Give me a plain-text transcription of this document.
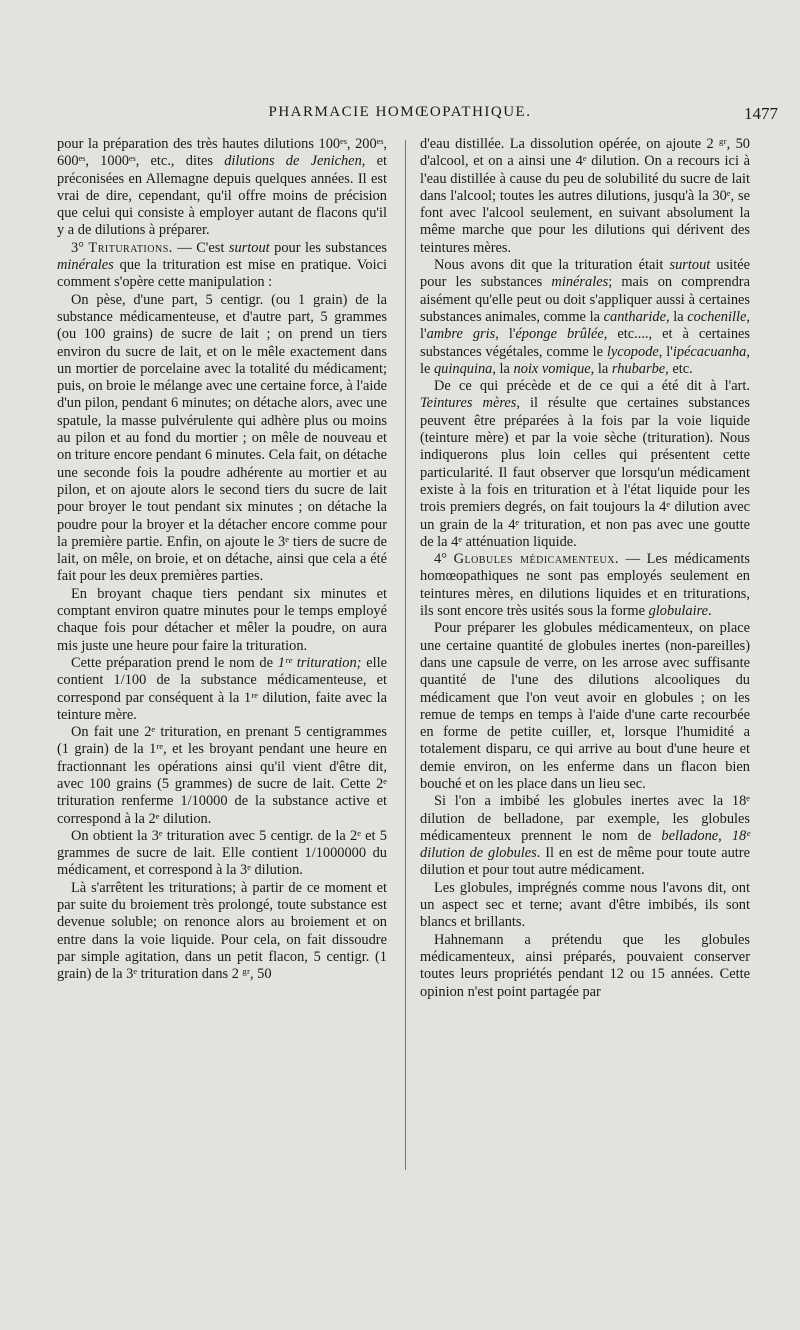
PHARMACIE HOMŒOPATHIQUE.	1477

pour la préparation des très hautes dilutions 100ᵉˢ, 200ᵉˢ, 600ᵉˢ, 1000ᵉˢ, etc., dites dilutions de Jenichen, et préconisées en Allemagne depuis quelques années. Il est vrai de dire, cependant, qu'il offre moins de précision que celui qui consiste à employer autant de flacons qu'il y a de dilutions à préparer.

3° Triturations. — C'est surtout pour les substances minérales que la trituration est mise en pratique. Voici comment s'opère cette manipulation :

On pèse, d'une part, 5 centigr. (ou 1 grain) de la substance médicamenteuse, et d'autre part, 5 grammes (ou 100 grains) de sucre de lait ; on prend un tiers environ du sucre de lait, et on le mêle exactement dans un mortier de porcelaine avec la totalité du médicament; puis, on broie le mélange avec une certaine force, à l'aide d'un pilon, pendant 6 minutes; on détache alors, avec une spatule, la masse pulvérulente qui adhère plus ou moins au pilon et au fond du mortier ; on mêle de nouveau et on triture encore pendant 6 minutes. Cela fait, on détache une seconde fois la poudre adhérente au mortier et au pilon, et on ajoute alors le second tiers du sucre de lait pour broyer le tout pendant six minutes ; on détache la poudre pour la broyer et la détacher encore comme pour la première partie. Enfin, on ajoute le 3ᵉ tiers de sucre de lait, on mêle, on broie, et on détache, ainsi que cela a été fait pour les deux premières parties.

En broyant chaque tiers pendant six minutes et comptant environ quatre minutes pour le temps employé chaque fois pour détacher et mêler la poudre, on aura mis juste une heure pour faire la trituration.

Cette préparation prend le nom de 1ʳᵉ trituration; elle contient 1/100 de la substance médicamenteuse, et correspond par conséquent à la 1ʳᵉ dilution, faite avec la teinture mère.

On fait une 2ᵉ trituration, en prenant 5 centigrammes (1 grain) de la 1ʳᵉ, et les broyant pendant une heure en fractionnant les opérations ainsi qu'il vient d'être dit, avec 100 grains (5 grammes) de sucre de lait. Cette 2ᵉ trituration renferme 1/10000 de la substance active et correspond à la 2ᵉ dilution.

On obtient la 3ᵉ trituration avec 5 centigr. de la 2ᵉ et 5 grammes de sucre de lait. Elle contient 1/1000000 du médicament, et correspond à la 3ᵉ dilution.

Là s'arrêtent les triturations; à partir de ce moment et par suite du broiement très prolongé, toute substance est devenue soluble; on renonce alors au broiement et on entre dans la voie liquide. Pour cela, on fait dissoudre par simple agitation, dans un petit flacon, 5 centigr. (1 grain) de la 3ᵉ trituration dans 2 ᵍʳ, 50

d'eau distillée. La dissolution opérée, on ajoute 2 ᵍʳ, 50 d'alcool, et on a ainsi une 4ᵉ dilution. On a recours ici à l'eau distillée à cause du peu de solubilité du sucre de lait dans l'alcool; toutes les autres dilutions, jusqu'à la 30ᵉ, se font avec l'alcool seulement, en suivant absolument la même marche que pour les dilutions qui dérivent des teintures mères.

Nous avons dit que la trituration était surtout usitée pour les substances minérales; mais on comprendra aisément qu'elle peut ou doit s'appliquer aussi à certaines substances animales, comme la cantharide, la cochenille, l'ambre gris, l'éponge brûlée, etc...., et à certaines substances végétales, comme le lycopode, l'ipécacuanha, le quinquina, la noix vomique, la rhubarbe, etc.

De ce qui précède et de ce qui a été dit à l'art. Teintures mères, il résulte que certaines substances peuvent être préparées à la fois par la voie liquide (teinture mère) et par la voie sèche (trituration). Nous indiquerons plus loin celles qui présentent cette particularité. Il faut observer que lorsqu'un médicament existe à la fois en trituration et à l'état liquide pour les trois premiers degrés, on fait toujours la 4ᵉ dilution avec un grain de la 4ᵉ trituration, et non pas avec une goutte de la 4ᵉ atténuation liquide.

4° Globules médicamenteux. — Les médicaments homœopathiques ne sont pas employés seulement en teintures mères, en dilutions liquides et en triturations, ils sont encore très usités sous la forme globulaire.

Pour préparer les globules médicamenteux, on place une certaine quantité de globules inertes (non-pareilles) dans une capsule de verre, on les arrose avec suffisante quantité de l'une des dilutions alcooliques du médicament que l'on veut avoir en globules ; on les remue de temps en temps à l'aide d'une carte recourbée en forme de petite cuiller, et, lorsque l'humidité a totalement disparu, ce qui arrive au bout d'une heure et demie environ, on les enferme dans un flacon bien bouché et on les place dans un lieu sec.

Si l'on a imbibé les globules inertes avec la 18ᵉ dilution de belladone, par exemple, les globules médicamenteux prennent le nom de belladone, 18ᵉ dilution de globules. Il en est de même pour toute autre dilution et pour tout autre médicament.

Les globules, imprégnés comme nous l'avons dit, ont un aspect sec et terne; avant d'être imbibés, ils sont blancs et brillants.

Hahnemann a prétendu que les globules médicamenteux, ainsi préparés, pouvaient conserver toutes leurs propriétés pendant 12 ou 15 années. Cette opinion n'est point partagée par
